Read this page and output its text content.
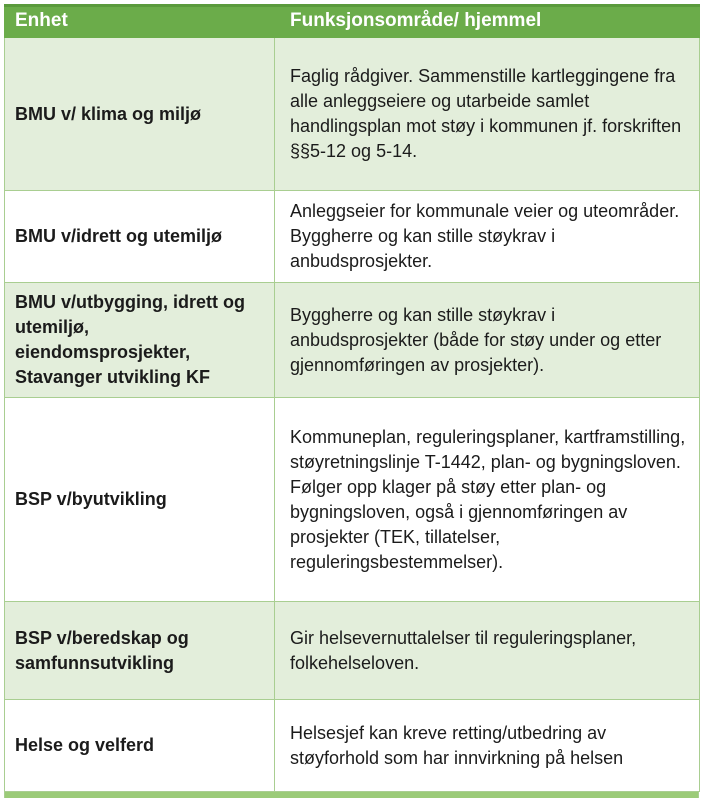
Enhet	Funksjonsområde/ hjemmel
BMU v/ klima og miljø	Faglig rådgiver. Sammenstille kartleggingene fra alle anleggseiere og utarbeide samlet handlingsplan mot støy i kommunen jf. forskriften §§5-12 og 5-14.
BMU v/idrett og utemiljø	Anleggseier for kommunale veier og uteområder. Byggherre og kan stille støykrav i anbudsprosjekter.
BMU v/utbygging, idrett og utemiljø, eiendomsprosjekter, Stavanger utvikling KF	Byggherre og kan stille støykrav i anbudsprosjekter (både for støy under og etter gjennomføringen av prosjekter).
BSP v/byutvikling	Kommuneplan, reguleringsplaner, kartframstilling, støyretningslinje T-1442, plan- og bygningsloven. Følger opp klager på støy etter plan- og bygningsloven, også i gjennomføringen av prosjekter (TEK, tillatelser, reguleringsbestemmelser).
BSP v/beredskap og samfunnsutvikling	Gir helsevernuttalelser til reguleringsplaner, folkehelseloven.
Helse og velferd	Helsesjef kan kreve retting/utbedring av støyforhold som har innvirkning på helsen
